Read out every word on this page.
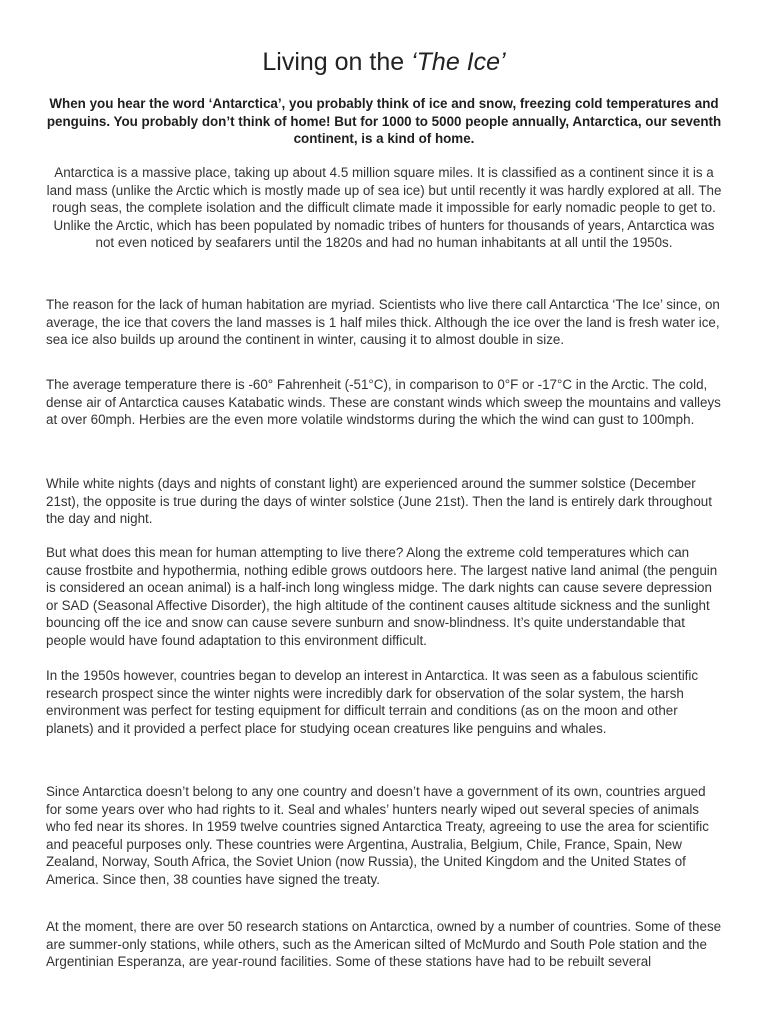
Living on the ‘The Ice’

When you hear the word ‘Antarctica’, you probably think of ice and snow, freezing cold temperatures and penguins. You probably don’t think of home! But for 1000 to 5000 people annually, Antarctica, our seventh continent, is a kind of home.

Antarctica is a massive place, taking up about 4.5 million square miles. It is classified as a continent since it is a land mass (unlike the Arctic which is mostly made up of sea ice) but until recently it was hardly explored at all. The rough seas, the complete isolation and the difficult climate made it impossible for early nomadic people to get to. Unlike the Arctic, which has been populated by nomadic tribes of hunters for thousands of years, Antarctica was not even noticed by seafarers until the 1820s and had no human inhabitants at all until the 1950s.

The reason for the lack of human habitation are myriad. Scientists who live there call Antarctica ‘The Ice’ since, on average, the ice that covers the land masses is 1 half miles thick. Although the ice over the land is fresh water ice, sea ice also builds up around the continent in winter, causing it to almost double in size.

The average temperature there is -60° Fahrenheit (-51°C), in comparison to 0°F or -17°C in the Arctic. The cold, dense air of Antarctica causes Katabatic winds. These are constant winds which sweep the mountains and valleys at over 60mph. Herbies are the even more volatile windstorms during the which the wind can gust to 100mph.

While white nights (days and nights of constant light) are experienced around the summer solstice (December 21st), the opposite is true during the days of winter solstice (June 21st). Then the land is entirely dark throughout the day and night.

But what does this mean for human attempting to live there? Along the extreme cold temperatures which can cause frostbite and hypothermia, nothing edible grows outdoors here. The largest native land animal (the penguin is considered an ocean animal) is a half-inch long wingless midge. The dark nights can cause severe depression or SAD (Seasonal Affective Disorder), the high altitude of the continent causes altitude sickness and the sunlight bouncing off the ice and snow can cause severe sunburn and snow-blindness. It’s quite understandable that people would have found adaptation to this environment difficult.

In the 1950s however, countries began to develop an interest in Antarctica. It was seen as a fabulous scientific research prospect since the winter nights were incredibly dark for observation of the solar system, the harsh environment was perfect for testing equipment for difficult terrain and conditions (as on the moon and other planets) and it provided a perfect place for studying ocean creatures like penguins and whales.

Since Antarctica doesn’t belong to any one country and doesn’t have a government of its own, countries argued for some years over who had rights to it. Seal and whales’ hunters nearly wiped out several species of animals who fed near its shores. In 1959 twelve countries signed Antarctica Treaty, agreeing to use the area for scientific and peaceful purposes only. These countries were Argentina, Australia, Belgium, Chile, France, Spain, New Zealand, Norway, South Africa, the Soviet Union (now Russia), the United Kingdom and the United States of America. Since then, 38 counties have signed the treaty.

At the moment, there are over 50 research stations on Antarctica, owned by a number of countries. Some of these are summer-only stations, while others, such as the American silted of McMurdo and South Pole station and the Argentinian Esperanza, are year-round facilities. Some of these stations have had to be rebuilt several
